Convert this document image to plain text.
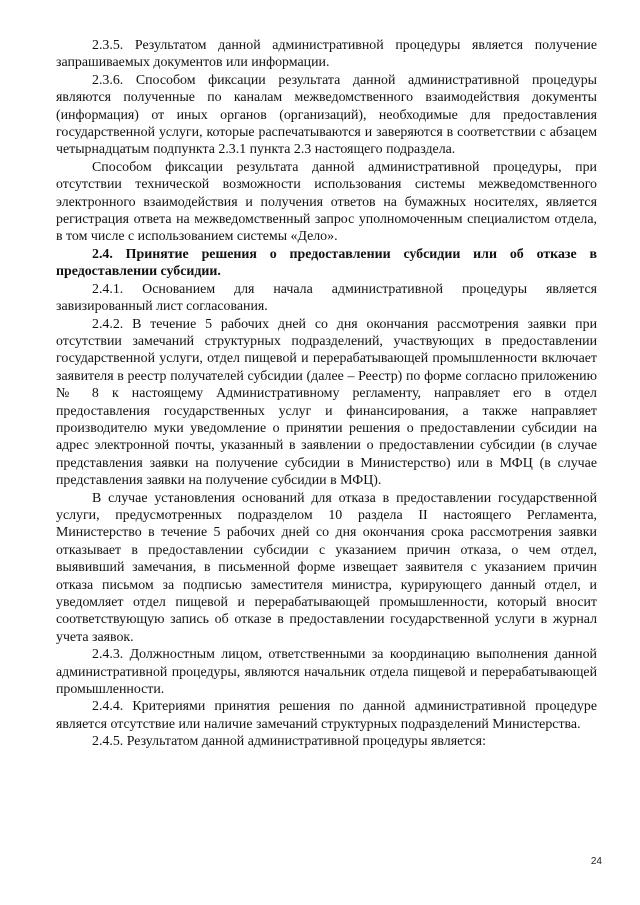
2.3.5. Результатом данной административной процедуры является получение запрашиваемых документов или информации.

2.3.6. Способом фиксации результата данной административной процедуры являются полученные по каналам межведомственного взаимодействия документы (информация) от иных органов (организаций), необходимые для предоставления государственной услуги, которые распечатываются и заверяются в соответствии с абзацем четырнадцатым подпункта 2.3.1 пункта 2.3 настоящего подраздела.

Способом фиксации результата данной административной процедуры, при отсутствии технической возможности использования системы межведомственного электронного взаимодействия и получения ответов на бумажных носителях, является регистрация ответа на межведомственный запрос уполномоченным специалистом отдела, в том числе с использованием системы «Дело».

2.4. Принятие решения о предоставлении субсидии или об отказе в предоставлении субсидии.

2.4.1. Основанием для начала административной процедуры является завизированный лист согласования.

2.4.2. В течение 5 рабочих дней со дня окончания рассмотрения заявки при отсутствии замечаний структурных подразделений, участвующих в предоставлении государственной услуги, отдел пищевой и перерабатывающей промышленности включает заявителя в реестр получателей субсидии (далее – Реестр) по форме согласно приложению № 8 к настоящему Административному регламенту, направляет его в отдел предоставления государственных услуг и финансирования, а также направляет производителю муки уведомление о принятии решения о предоставлении субсидии на адрес электронной почты, указанный в заявлении о предоставлении субсидии (в случае представления заявки на получение субсидии в Министерство) или в МФЦ (в случае представления заявки на получение субсидии в МФЦ).

В случае установления оснований для отказа в предоставлении государственной услуги, предусмотренных подразделом 10 раздела II настоящего Регламента, Министерство в течение 5 рабочих дней со дня окончания срока рассмотрения заявки отказывает в предоставлении субсидии с указанием причин отказа, о чем отдел, выявивший замечания, в письменной форме извещает заявителя с указанием причин отказа письмом за подписью заместителя министра, курирующего данный отдел, и уведомляет отдел пищевой и перерабатывающей промышленности, который вносит соответствующую запись об отказе в предоставлении государственной услуги в журнал учета заявок.

2.4.3. Должностным лицом, ответственными за координацию выполнения данной административной процедуры, являются начальник отдела пищевой и перерабатывающей промышленности.

2.4.4. Критериями принятия решения по данной административной процедуре является отсутствие или наличие замечаний структурных подразделений Министерства.

2.4.5. Результатом данной административной процедуры является:

24
